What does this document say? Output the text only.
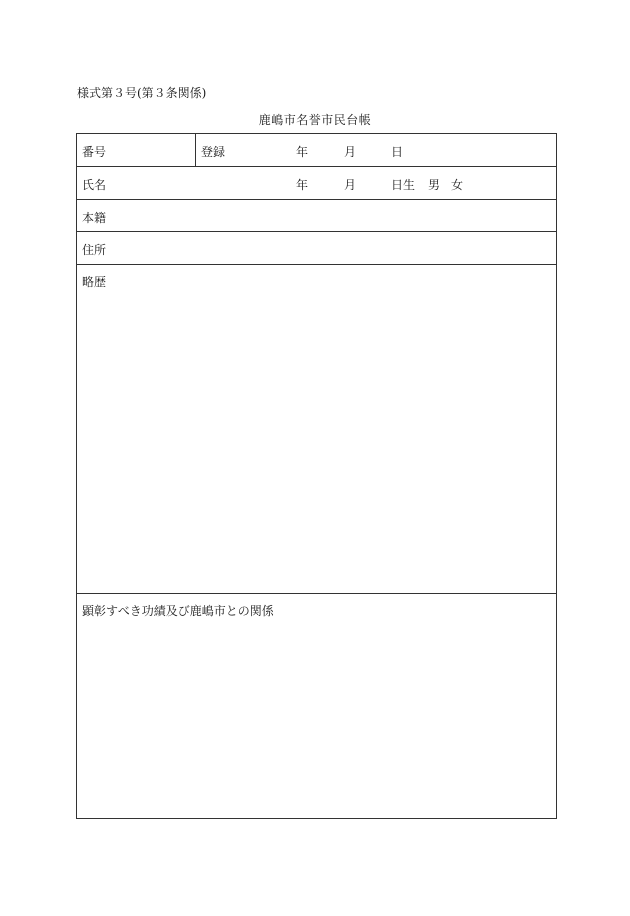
様式第３号(第３条関係)
鹿嶋市名誉市民台帳
番号	登録	年	月	日
氏名	年	月	日生 男 女
本籍
住所
略歴
顕彰すべき功績及び鹿嶋市との関係
